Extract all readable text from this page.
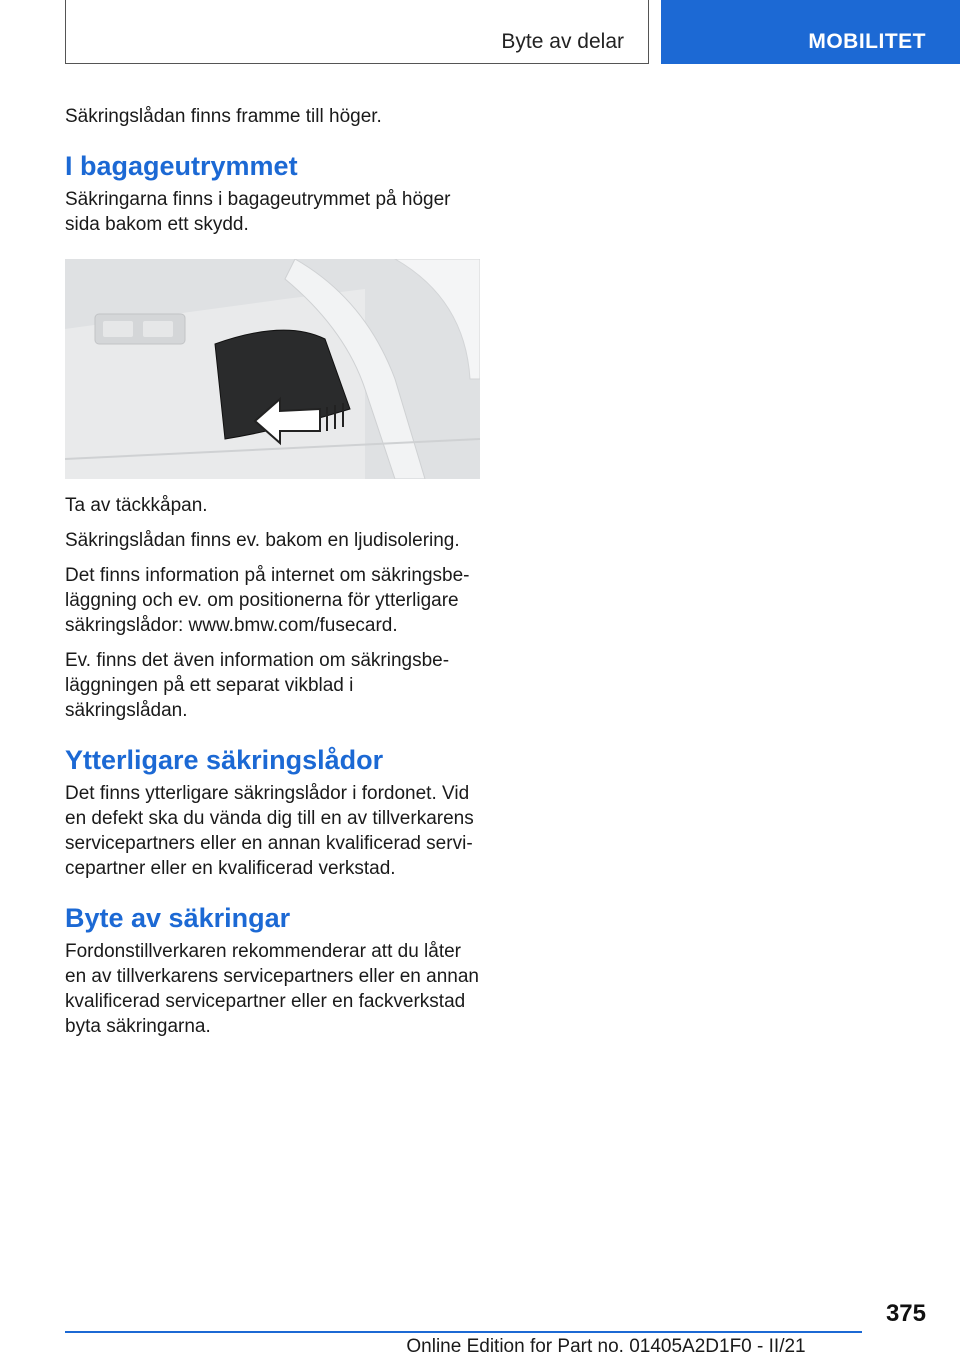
Byte av delar	MOBILITET

Säkringslådan finns framme till höger.

I bagageutrymmet

Säkringarna finns i bagageutrymmet på höger sida bakom ett skydd.

Ta av täckkåpan.

Säkringslådan finns ev. bakom en ljudisolering.

Det finns information på internet om säkringsbeläggning och ev. om positionerna för ytterligare säkringslådor: www.bmw.com/fusecard.

Ev. finns det även information om säkringsbeläggningen på ett separat vikblad i säkringslådan.

Ytterligare säkringslådor

Det finns ytterligare säkringslådor i fordonet. Vid en defekt ska du vända dig till en av tillverkarens servicepartners eller en annan kvalificerad servicepartner eller en kvalificerad verkstad.

Byte av säkringar

Fordonstillverkaren rekommenderar att du låter en av tillverkarens servicepartners eller en annan kvalificerad servicepartner eller en fackverkstad byta säkringarna.

375
Online Edition for Part no. 01405A2D1F0 - II/21
